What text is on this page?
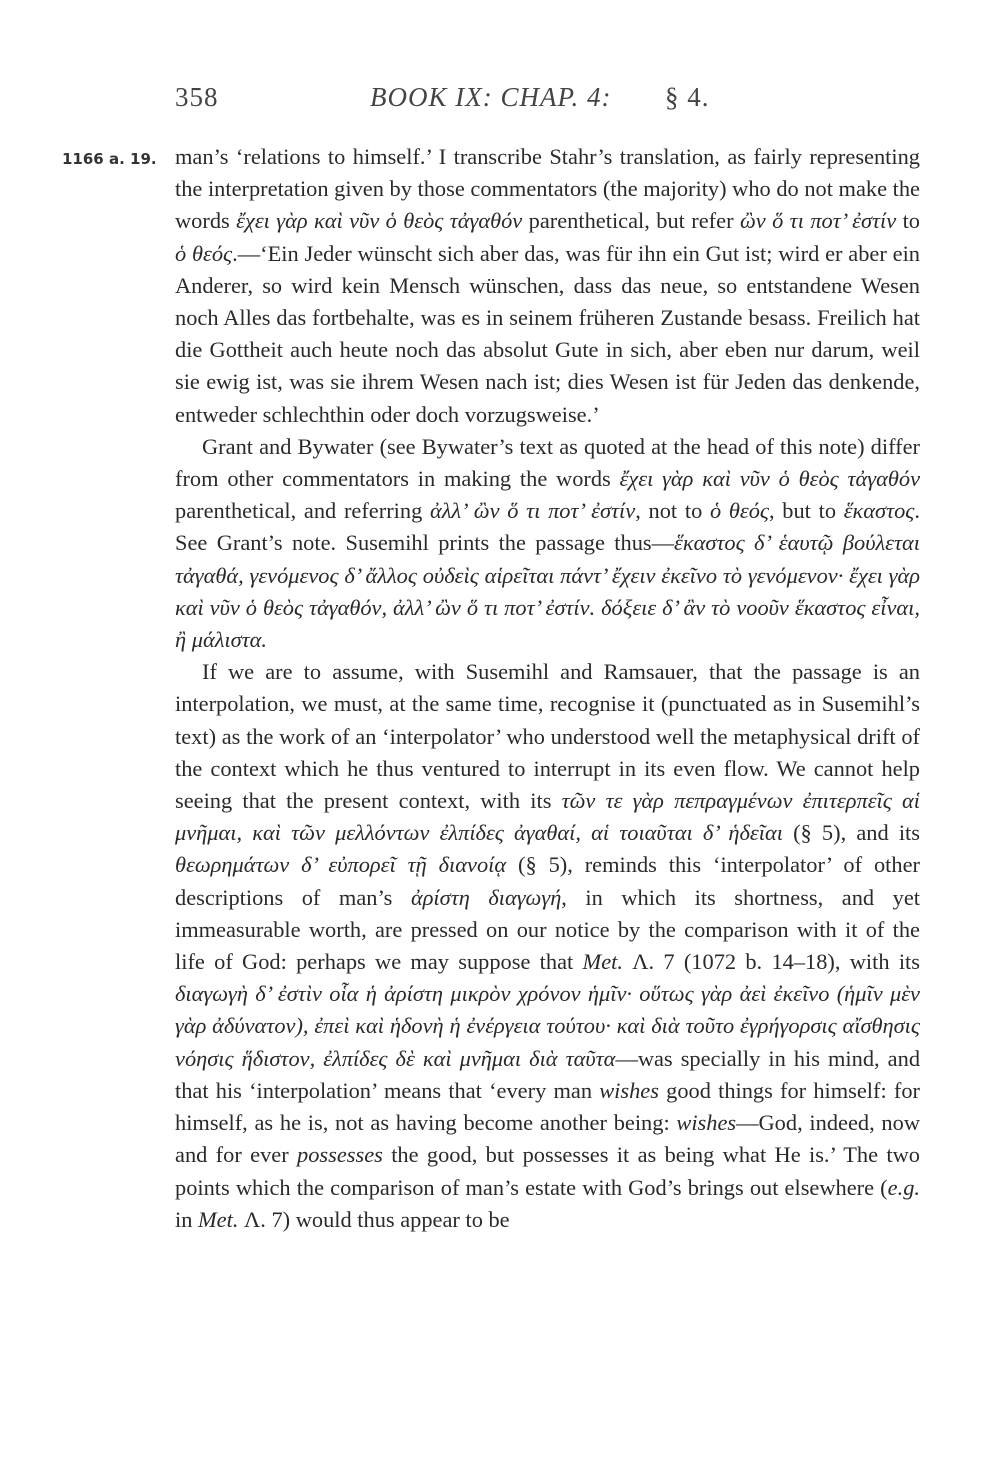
358	BOOK IX: CHAP. 4: § 4.
1166 a. 19. man’s ‘relations to himself.’ I transcribe Stahr’s translation, as fairly representing the interpretation given by those commentators (the majority) who do not make the words ἔχει γὰρ καὶ νῦν ὁ θεὸς τἀγαθόν parenthetical, but refer ὢν ὅ τι ποτ’ ἐστίν to ὁ θεός.—‘Ein Jeder wünscht sich aber das, was für ihn ein Gut ist; wird er aber ein Anderer, so wird kein Mensch wünschen, dass das neue, so entstandene Wesen noch Alles das fortbehalte, was es in seinem früheren Zustande besass. Freilich hat die Gottheit auch heute noch das absolut Gute in sich, aber eben nur darum, weil sie ewig ist, was sie ihrem Wesen nach ist; dies Wesen ist für Jeden das denkende, entweder schlechthin oder doch vorzugsweise.’

Grant and Bywater (see Bywater’s text as quoted at the head of this note) differ from other commentators in making the words ἔχει γὰρ καὶ νῦν ὁ θεὸς τἀγαθόν parenthetical, and referring ἀλλ’ ὢν ὅ τι ποτ’ ἐστίν, not to ὁ θεός, but to ἕκαστος. See Grant’s note. Susemihl prints the passage thus—ἕκαστος δ’ ἑαυτῷ βούλεται τἀγαθά, γενόμενος δ’ ἄλλος οὐδεὶς αἱρεῖται πάντ’ ἔχειν ἐκεῖνο τὸ γενόμενον· ἔχει γὰρ καὶ νῦν ὁ θεὸς τἀγαθόν, ἀλλ’ ὢν ὅ τι ποτ’ ἐστίν. δόξειε δ’ ἂν τὸ νοοῦν ἕκαστος εἶναι, ἢ μάλιστα.

If we are to assume, with Susemihl and Ramsauer, that the passage is an interpolation, we must, at the same time, recognise it (punctuated as in Susemihl’s text) as the work of an ‘interpolator’ who understood well the metaphysical drift of the context which he thus ventured to interrupt in its even flow. We cannot help seeing that the present context, with its τῶν τε γὰρ πεπραγμένων ἐπιτερπεῖς αἱ μνῆμαι, καὶ τῶν μελλόντων ἐλπίδες ἀγαθαί, αἱ τοιαῦται δ’ ἡδεῖαι (§ 5), and its θεωρημάτων δ’ εὐπορεῖ τῇ διανοίᾳ (§ 5), reminds this ‘interpolator’ of other descriptions of man’s ἀρίστη διαγωγή, in which its shortness, and yet immeasurable worth, are pressed on our notice by the comparison with it of the life of God: perhaps we may suppose that Met. Λ. 7 (1072 b. 14–18), with its διαγωγὴ δ’ ἐστὶν οἷα ἡ ἀρίστη μικρὸν χρόνον ἡμῖν· οὕτως γὰρ ἀεὶ ἐκεῖνο (ἡμῖν μὲν γὰρ ἀδύνατον), ἐπεὶ καὶ ἡδονὴ ἡ ἐνέργεια τούτου· καὶ διὰ τοῦτο ἐγρήγορσις αἴσθησις νόησις ἥδιστον, ἐλπίδες δὲ καὶ μνῆμαι διὰ ταῦτα—was specially in his mind, and that his ‘interpolation’ means that ‘every man wishes good things for himself: for himself, as he is, not as having become another being: wishes—God, indeed, now and for ever possesses the good, but possesses it as being what He is.’ The two points which the comparison of man’s estate with God’s brings out elsewhere (e.g. in Met. Λ. 7) would thus appear to be
